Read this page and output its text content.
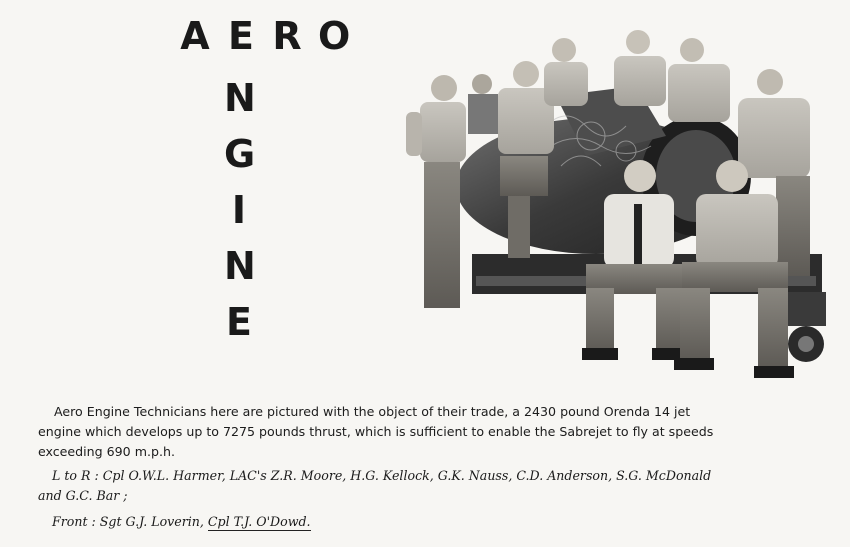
A E R O
N
G
I
N
E
Aero Engine Technicians here are pictured with the object of their trade, a 2430 pound Orenda 14 jet
engine which develops up to 7275 pounds thrust, which is sufficient to enable the Sabrejet to fly at speeds
exceeding 690 m.p.h.
L to R : Cpl O.W.L. Harmer, LAC's Z.R. Moore, H.G. Kellock, G.K. Nauss, C.D. Anderson, S.G. McDonald
and G.C. Bar ;
Front : Sgt G.J. Loverin, Cpl T.J. O'Dowd.
